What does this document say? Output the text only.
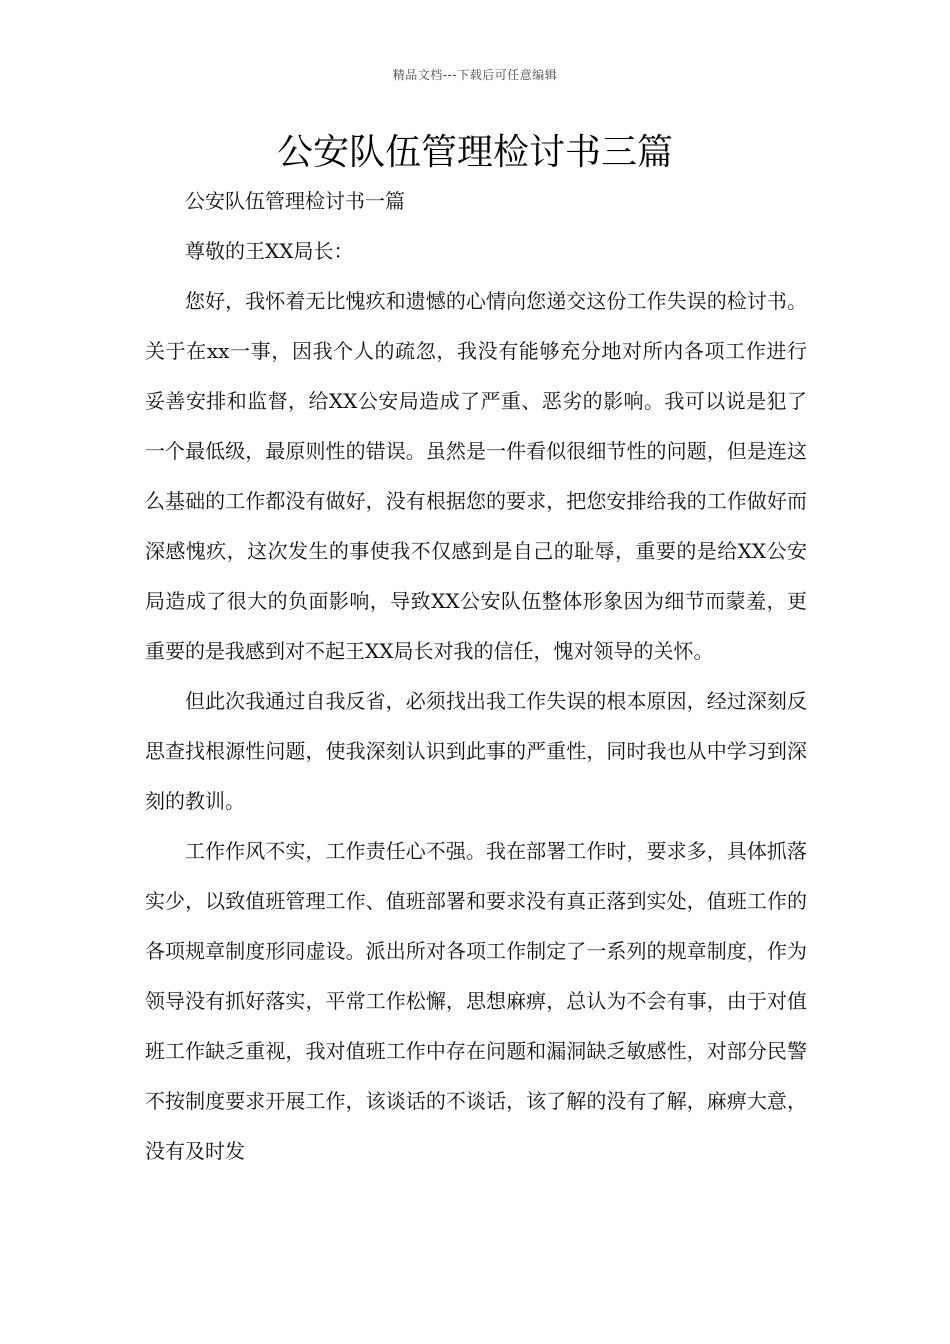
精品文档---下载后可任意编辑
公安队伍管理检讨书三篇

公安队伍管理检讨书一篇

尊敬的王XX局长：

您好，我怀着无比愧疚和遗憾的心情向您递交这份工作失误的检讨书。关于在xx一事，因我个人的疏忽，我没有能够充分地对所内各项工作进行妥善安排和监督，给XX公安局造成了严重、恶劣的影响。我可以说是犯了一个最低级，最原则性的错误。虽然是一件看似很细节性的问题，但是连这么基础的工作都没有做好，没有根据您的要求，把您安排给我的工作做好而深感愧疚，这次发生的事使我不仅感到是自己的耻辱，重要的是给XX公安局造成了很大的负面影响，导致XX公安队伍整体形象因为细节而蒙羞，更重要的是我感到对不起王XX局长对我的信任，愧对领导的关怀。

但此次我通过自我反省，必须找出我工作失误的根本原因，经过深刻反思查找根源性问题，使我深刻认识到此事的严重性，同时我也从中学习到深刻的教训。

工作作风不实，工作责任心不强。我在部署工作时，要求多，具体抓落实少，以致值班管理工作、值班部署和要求没有真正落到实处，值班工作的各项规章制度形同虚设。派出所对各项工作制定了一系列的规章制度，作为领导没有抓好落实，平常工作松懈，思想麻痹，总认为不会有事，由于对值班工作缺乏重视，我对值班工作中存在问题和漏洞缺乏敏感性，对部分民警不按制度要求开展工作，该谈话的不谈话，该了解的没有了解，麻痹大意，没有及时发
